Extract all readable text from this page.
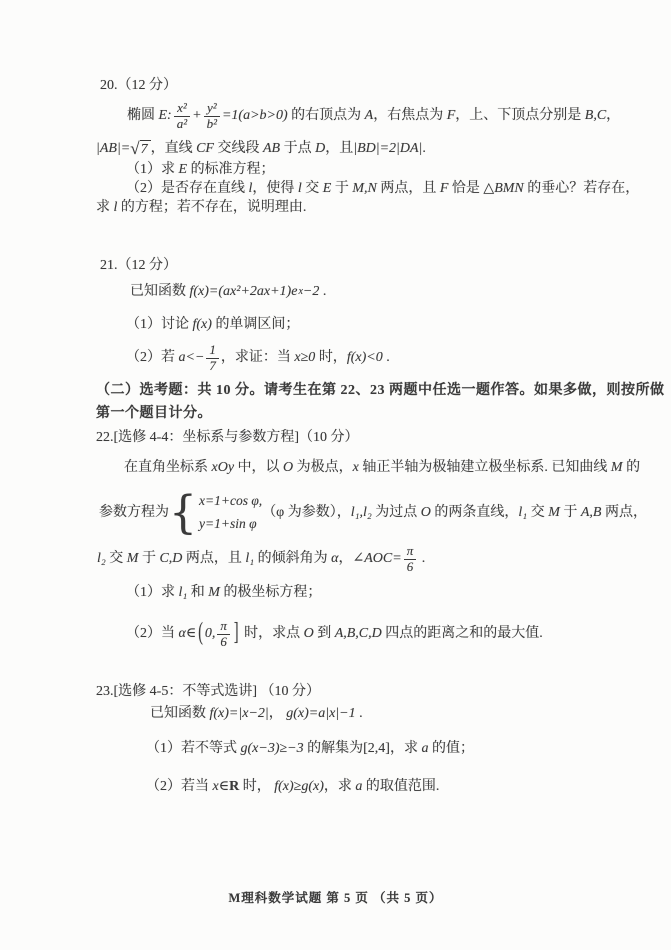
20.（12 分）
椭圆 E: $\frac{\text{x²}}{\text{a²}} + \frac{\text{y²}}{\text{b²}} =1(a>b>0)$ 的右顶点为 A ，右焦点为 F ，上、下顶点分别是 B,C ，
|AB|= √ 7 ，直线 CF 交线段 AB 于点 D ，且 |BD|=2|DA| .
（1）求 E 的标准方程；
（2）是否存在直线 l ，使得 l 交 E 于 M,N 两点，且 F 恰是 △ BMN 的垂心？若存在，
求 l 的方程；若不存在，说明理由.
21.（12 分）
已知函数 f(x)=(ax²+2ax+1)e x −2 .
（1）讨论 f(x) 的单调区间；
（2）若 $a<- \frac{1}{7}$ ，求证：当 x≥0 时， f(x)<0 .
（二）选考题：共 10 分。请考生在第 22、23 两题中任选一题作答。如果多做，则按所做
第一个题目计分。
22.[选修 4-4：坐标系与参数方程]（10 分）
在直角坐标系 xOy 中，以 O 为极点， x 轴正半轴为极轴建立极坐标系. 已知曲线 M 的
参数方程为 { x=1+cos φ,
y=1+sin φ
（φ 为参数）， l₁,l₂ 为过点 O 的两条直线， l₁ 交 M 于 A,B 两点，
l₂ 交 M 于 C,D 两点，且 l₁ 的倾斜角为 α ，∠ AOC = $\frac{\pi}{6}$ .
（1）求 l₁ 和 M 的极坐标方程；
（2）当 α∈ ( 0, $\frac{\pi}{6}$ ] 时，求点 O 到 A,B,C,D 四点的距离之和的最大值.
23.[选修 4-5：不等式选讲] （10 分）
已知函数 f(x)=|x−2| ， g(x)=a|x|−1 .
（1）若不等式 g(x−3)≥−3 的解集为 [2,4] ，求 a 的值；
（2）若当 x∈ R 时， f(x)≥g(x) ，求 a 的取值范围.
M理科数学试题 第 5 页 （共 5 页）
